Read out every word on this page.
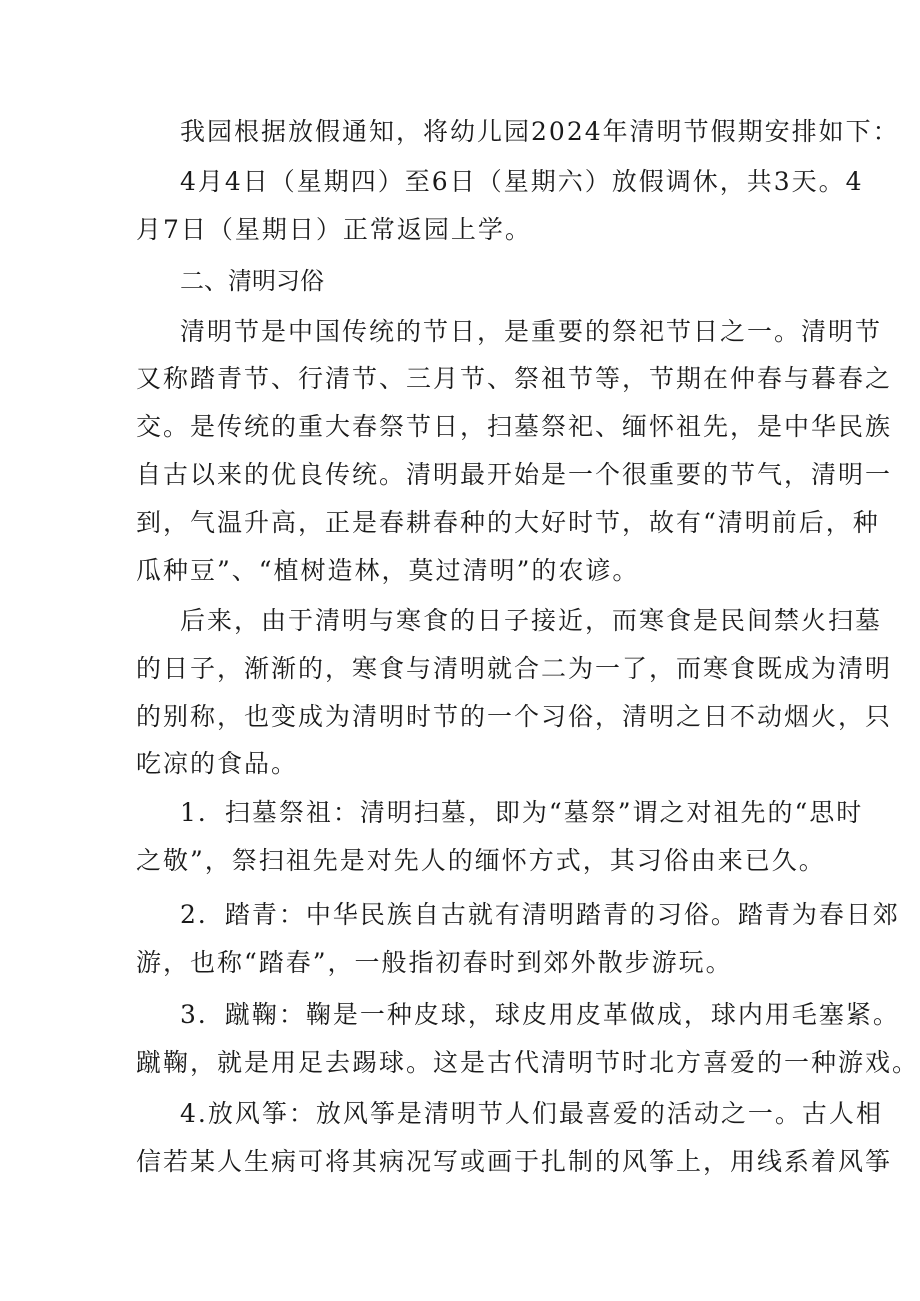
我园根据放假通知，将幼儿园2024年清明节假期安排如下：
4月4日（星期四）至6日（星期六）放假调休，共3天。4
月7日（星期日）正常返园上学。
二、清明习俗
清明节是中国传统的节日，是重要的祭祀节日之一。清明节
又称踏青节、行清节、三月节、祭祖节等，节期在仲春与暮春之
交。是传统的重大春祭节日，扫墓祭祀、缅怀祖先，是中华民族
自古以来的优良传统。清明最开始是一个很重要的节气，清明一
到，气温升高，正是春耕春种的大好时节，故有“清明前后，种
瓜种豆”、“植树造林，莫过清明”的农谚。
后来，由于清明与寒食的日子接近，而寒食是民间禁火扫墓
的日子，渐渐的，寒食与清明就合二为一了，而寒食既成为清明
的别称，也变成为清明时节的一个习俗，清明之日不动烟火，只
吃凉的食品。
1．扫墓祭祖：清明扫墓，即为“墓祭”谓之对祖先的“思时
之敬”，祭扫祖先是对先人的缅怀方式，其习俗由来已久。
2．踏青：中华民族自古就有清明踏青的习俗。踏青为春日郊
游，也称“踏春”，一般指初春时到郊外散步游玩。
3．蹴鞠：鞠是一种皮球，球皮用皮革做成，球内用毛塞紧。
蹴鞠，就是用足去踢球。这是古代清明节时北方喜爱的一种游戏。
4.放风筝：放风筝是清明节人们最喜爱的活动之一。古人相
信若某人生病可将其病况写或画于扎制的风筝上，用线系着风筝
